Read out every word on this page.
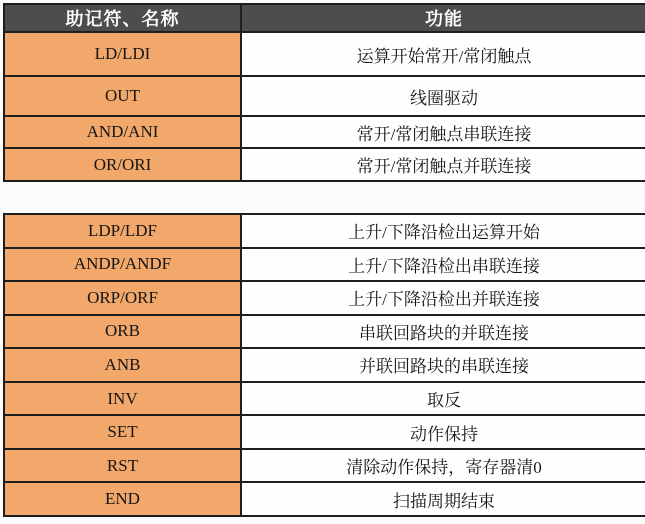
助记符、名称	功能
LD/LDI	运算开始常开/常闭触点
OUT	线圈驱动
AND/ANI	常开/常闭触点串联连接
OR/ORI	常开/常闭触点并联连接
LDP/LDF	上升/下降沿检出运算开始
ANDP/ANDF	上升/下降沿检出串联连接
ORP/ORF	上升/下降沿检出并联连接
ORB	串联回路块的并联连接
ANB	并联回路块的串联连接
INV	取反
SET	动作保持
RST	清除动作保持，寄存器清0
END	扫描周期结束
